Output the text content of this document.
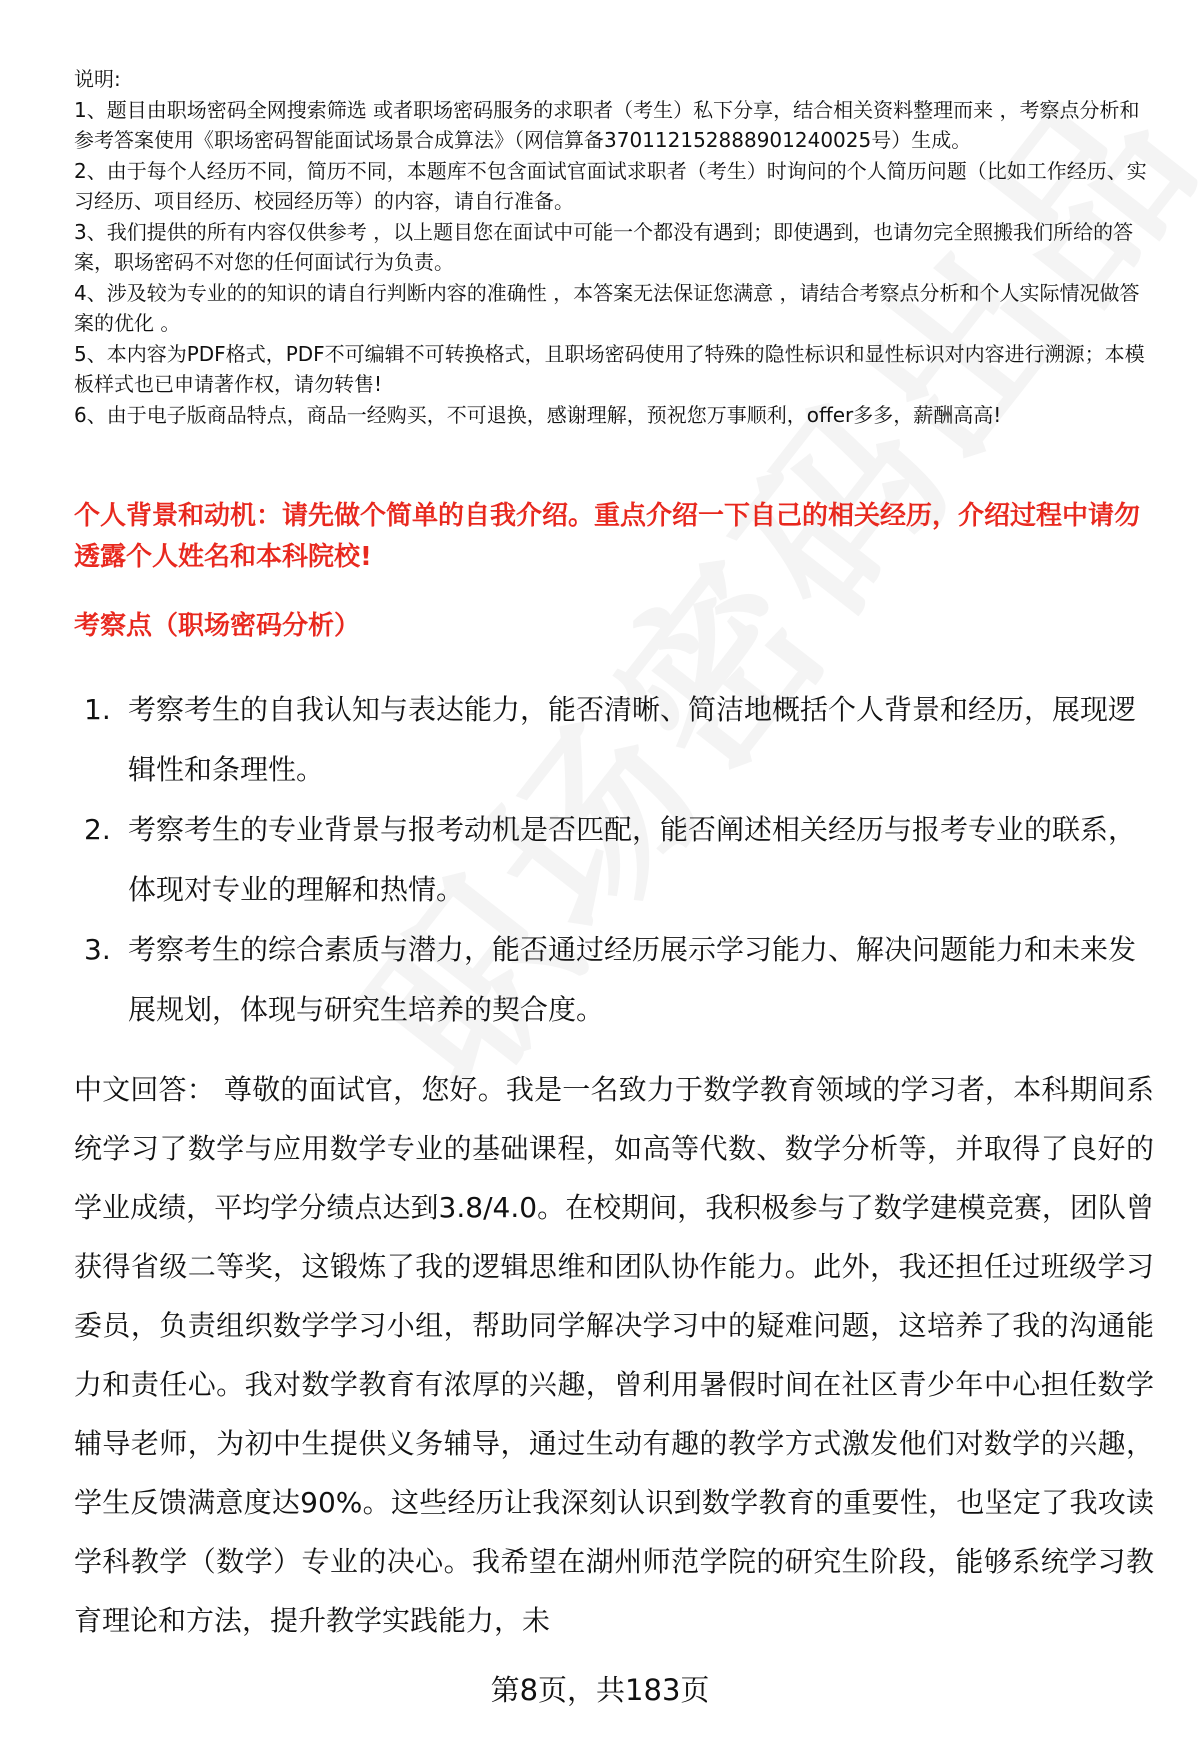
说明:

1、题目由职场密码全网搜索筛选 或者职场密码服务的求职者（考生）私下分享，结合相关资料整理而来 ，考察点分析和参考答案使用《职场密码智能面试场景合成算法》（网信算备370112152888901240025号）生成。

2、由于每个人经历不同，简历不同，本题库不包含面试官面试求职者（考生）时询问的个人简历问题（比如工作经历、实习经历、项目经历、校园经历等）的内容，请自行准备。

3、我们提供的所有内容仅供参考 ，以上题目您在面试中可能一个都没有遇到；即使遇到，也请勿完全照搬我们所给的答案，职场密码不对您的任何面试行为负责。

4、涉及较为专业的的知识的请自行判断内容的准确性 ，本答案无法保证您满意 ，请结合考察点分析和个人实际情况做答案的优化 。

5、本内容为PDF格式，PDF不可编辑不可转换格式，且职场密码使用了特殊的隐性标识和显性标识对内容进行溯源；本模板样式也已申请著作权，请勿转售!

6、由于电子版商品特点，商品一经购买，不可退换，感谢理解，预祝您万事顺利，offer多多，薪酬高高!

个人背景和动机：请先做个简单的自我介绍。重点介绍一下自己的相关经历，介绍过程中请勿透露个人姓名和本科院校!
考察点（职场密码分析）
1. 考察考生的自我认知与表达能力，能否清晰、简洁地概括个人背景和经历，展现逻辑性和条理性。
2. 考察考生的专业背景与报考动机是否匹配，能否阐述相关经历与报考专业的联系，体现对专业的理解和热情。
3. 考察考生的综合素质与潜力，能否通过经历展示学习能力、解决问题能力和未来发展规划，体现与研究生培养的契合度。

中文回答： 尊敬的面试官，您好。我是一名致力于数学教育领域的学习者，本科期间系统学习了数学与应用数学专业的基础课程，如高等代数、数学分析等，并取得了良好的学业成绩，平均学分绩点达到3.8/4.0。在校期间，我积极参与了数学建模竞赛，团队曾获得省级二等奖，这锻炼了我的逻辑思维和团队协作能力。此外，我还担任过班级学习委员，负责组织数学学习小组，帮助同学解决学习中的疑难问题，这培养了我的沟通能力和责任心。我对数学教育有浓厚的兴趣，曾利用暑假时间在社区青少年中心担任数学辅导老师，为初中生提供义务辅导，通过生动有趣的教学方式激发他们对数学的兴趣，学生反馈满意度达90%。这些经历让我深刻认识到数学教育的重要性，也坚定了我攻读学科教学（数学）专业的决心。我希望在湖州师范学院的研究生阶段，能够系统学习教育理论和方法，提升教学实践能力，未

第8页，共183页
